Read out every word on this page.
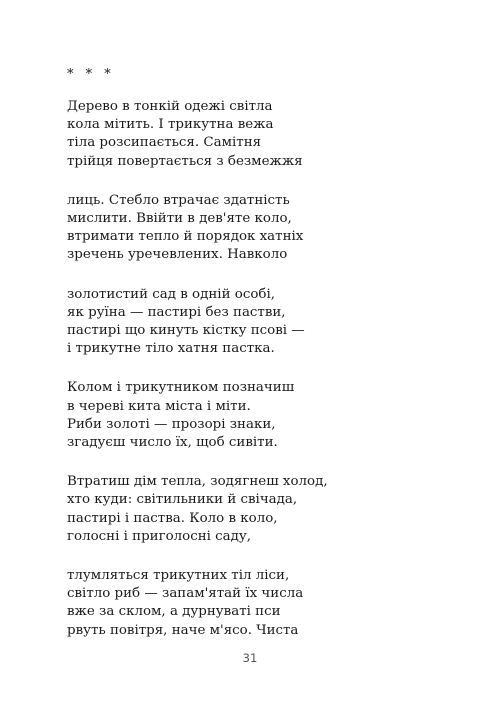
* * *
Дерево в тонкій одежі світла
кола мітить. І трикутна вежа
тіла розсипається. Самітня
трійця повертається з безмежжя
лиць. Стебло втрачає здатність
мислити. Ввійти в дев'яте коло,
втримати тепло й порядок хатніх
зречень уречевлених. Навколо
золотистий сад в одній особі,
як руїна — пастирі без пастви,
пастирі що кинуть кістку псові —
і трикутне тіло хатня пастка.
Колом і трикутником позначиш
в череві кита міста і міти.
Риби золоті — прозорі знаки,
згадуєш число їх, щоб сивіти.
Втратиш дім тепла, зодягнеш холод,
хто куди: світильники й свічада,
пастирі і паства. Коло в коло,
голосні і приголосні саду,
тлумляться трикутних тіл ліси,
світло риб — запам'ятай їх числа
вже за склом, а дурнуваті пси
рвуть повітря, наче м'ясо. Чиста
31
